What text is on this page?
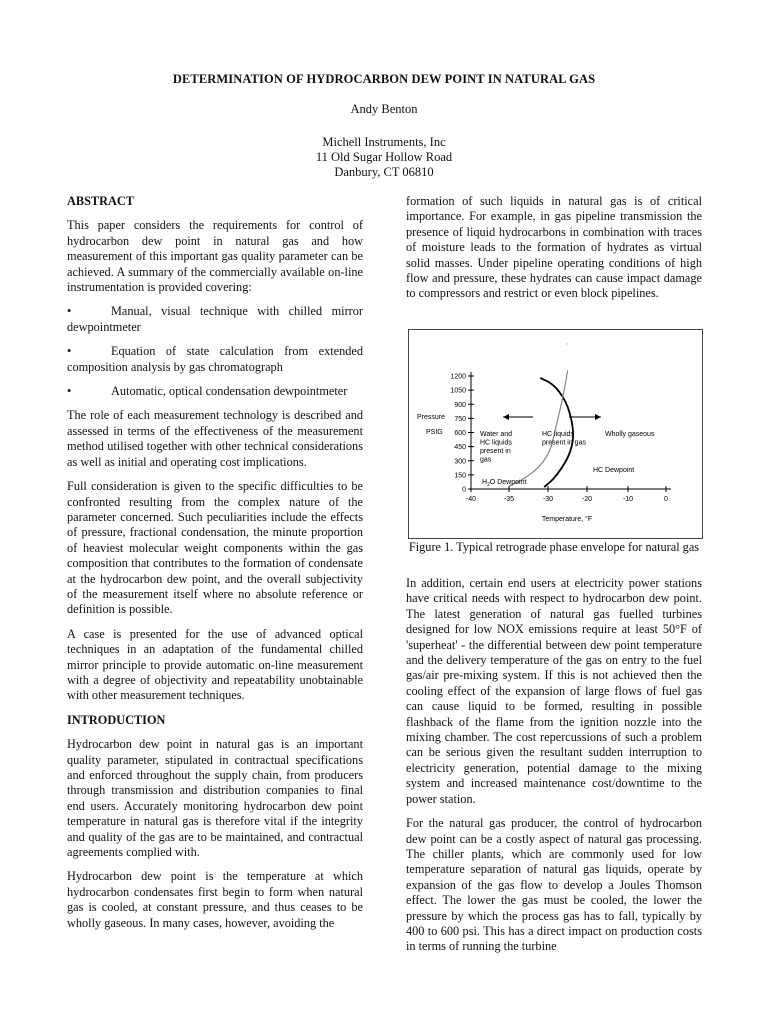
DETERMINATION OF HYDROCARBON DEW POINT IN NATURAL GAS
Andy Benton
Michell Instruments, Inc
11 Old Sugar Hollow Road
Danbury, CT 06810
ABSTRACT

This paper considers the requirements for control of hydrocarbon dew point in natural gas and how measurement of this important gas quality parameter can be achieved. A summary of the commercially available on-line instrumentation is provided covering:

•	Manual, visual technique with chilled mirror dewpointmeter

•	Equation of state calculation from extended composition analysis by gas chromatograph

•	Automatic, optical condensation dewpointmeter

The role of each measurement technology is described and assessed in terms of the effectiveness of the measurement method utilised together with other technical considerations as well as initial and operating cost implications.

Full consideration is given to the specific difficulties to be confronted resulting from the complex nature of the parameter concerned. Such peculiarities include the effects of pressure, fractional condensation, the minute proportion of heaviest molecular weight components within the gas composition that contributes to the formation of condensate at the hydrocarbon dew point, and the overall subjectivity of the measurement itself where no absolute reference or definition is possible.

A case is presented for the use of advanced optical techniques in an adaptation of the fundamental chilled mirror principle to provide automatic on-line measurement with a degree of objectivity and repeatability unobtainable with other measurement techniques.

INTRODUCTION

Hydrocarbon dew point in natural gas is an important quality parameter, stipulated in contractual specifications and enforced throughout the supply chain, from producers through transmission and distribution companies to final end users. Accurately monitoring hydrocarbon dew point temperature in natural gas is therefore vital if the integrity and quality of the gas are to be maintained, and contractual agreements complied with.

Hydrocarbon dew point is the temperature at which hydrocarbon condensates first begin to form when natural gas is cooled, at constant pressure, and thus ceases to be wholly gaseous. In many cases, however, avoiding the

formation of such liquids in natural gas is of critical importance. For example, in gas pipeline transmission the presence of liquid hydrocarbons in combination with traces of moisture leads to the formation of hydrates as virtual solid masses. Under pipeline operating conditions of high flow and pressure, these hydrates can cause impact damage to compressors and restrict or even block pipelines.

,
0
150
300
450
600
750
900
1050
1200
-40	-35	-30	-20	-10	0
Temperature, °F
Pressure
PSIG	Water and HC liquids present in gas
HC liquids present in gas
Wholly gaseous
HC Dewpoint
$H_2O$ Dewpoint
Figure 1. Typical retrograde phase envelope for natural gas

In addition, certain end users at electricity power stations have critical needs with respect to hydrocarbon dew point. The latest generation of natural gas fuelled turbines designed for low NOX emissions require at least 50°F of 'superheat' - the differential between dew point temperature and the delivery temperature of the gas on entry to the fuel gas/air pre-mixing system. If this is not achieved then the cooling effect of the expansion of large flows of fuel gas can cause liquid to be formed, resulting in possible flashback of the flame from the ignition nozzle into the mixing chamber. The cost repercussions of such a problem can be serious given the resultant sudden interruption to electricity generation, potential damage to the mixing system and increased maintenance cost/downtime to the power station.

For the natural gas producer, the control of hydrocarbon dew point can be a costly aspect of natural gas processing. The chiller plants, which are commonly used for low temperature separation of natural gas liquids, operate by expansion of the gas flow to develop a Joules Thomson effect. The lower the gas must be cooled, the lower the pressure by which the process gas has to fall, typically by 400 to 600 psi. This has a direct impact on production costs in terms of running the turbine
